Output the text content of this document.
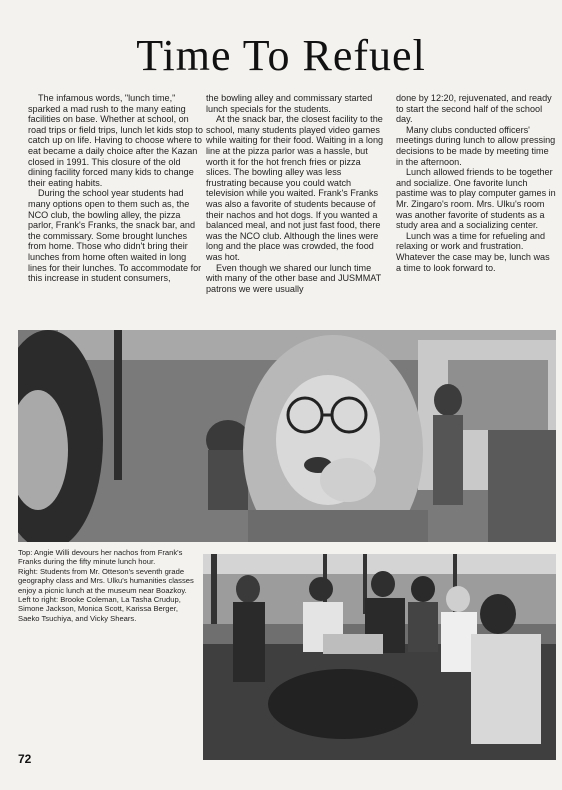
Time To Refuel

The infamous words, "lunch time," sparked a mad rush to the many eating facilities on base. Whether at school, on road trips or field trips, lunch let kids stop to catch up on life. Having to choose where to eat became a daily choice after the Kazan closed in 1991. This closure of the old dining facility forced many kids to change their eating habits.

During the school year students had many options open to them such as, the NCO club, the bowling alley, the pizza parlor, Frank's Franks, the snack bar, and the commissary. Some brought lunches from home. Those who didn't bring their lunches from home often waited in long lines for their lunches. To accommodate for this increase in student consumers,

the bowling alley and commissary started lunch specials for the students.

At the snack bar, the closest facility to the school, many students played video games while waiting for their food. Waiting in a long line at the pizza parlor was a hassle, but worth it for the hot french fries or pizza slices. The bowling alley was less frustrating because you could watch television while you waited. Frank's Franks was also a favorite of students because of their nachos and hot dogs. If you wanted a balanced meal, and not just fast food, there was the NCO club. Although the lines were long and the place was crowded, the food was hot.

Even though we shared our lunch time with many of the other base and JUSMMAT patrons we were usually

done by 12:20, rejuvenated, and ready to start the second half of the school day.

Many clubs conducted officers' meetings during lunch to allow pressing decisions to be made by meeting time in the afternoon.

Lunch allowed friends to be together and socialize. One favorite lunch pastime was to play computer games in Mr. Zingaro's room. Mrs. Ulku's room was another favorite of students as a study area and a socializing center.

Lunch was a time for refueling and relaxing or work and frustration. Whatever the case may be, lunch was a time to look forward to.

Top: Angie Willi devours her nachos from Frank's Franks during the fifty minute lunch hour.

Right: Students from Mr. Otteson's seventh grade geography class and Mrs. Ulku's humanities classes enjoy a picnic lunch at the museum near Boazkoy. Left to right: Brooke Coleman, La Tasha Crudup, Simone Jackson, Monica Scott, Karissa Berger, Saeko Tsuchiya, and Vicky Shears.

72
